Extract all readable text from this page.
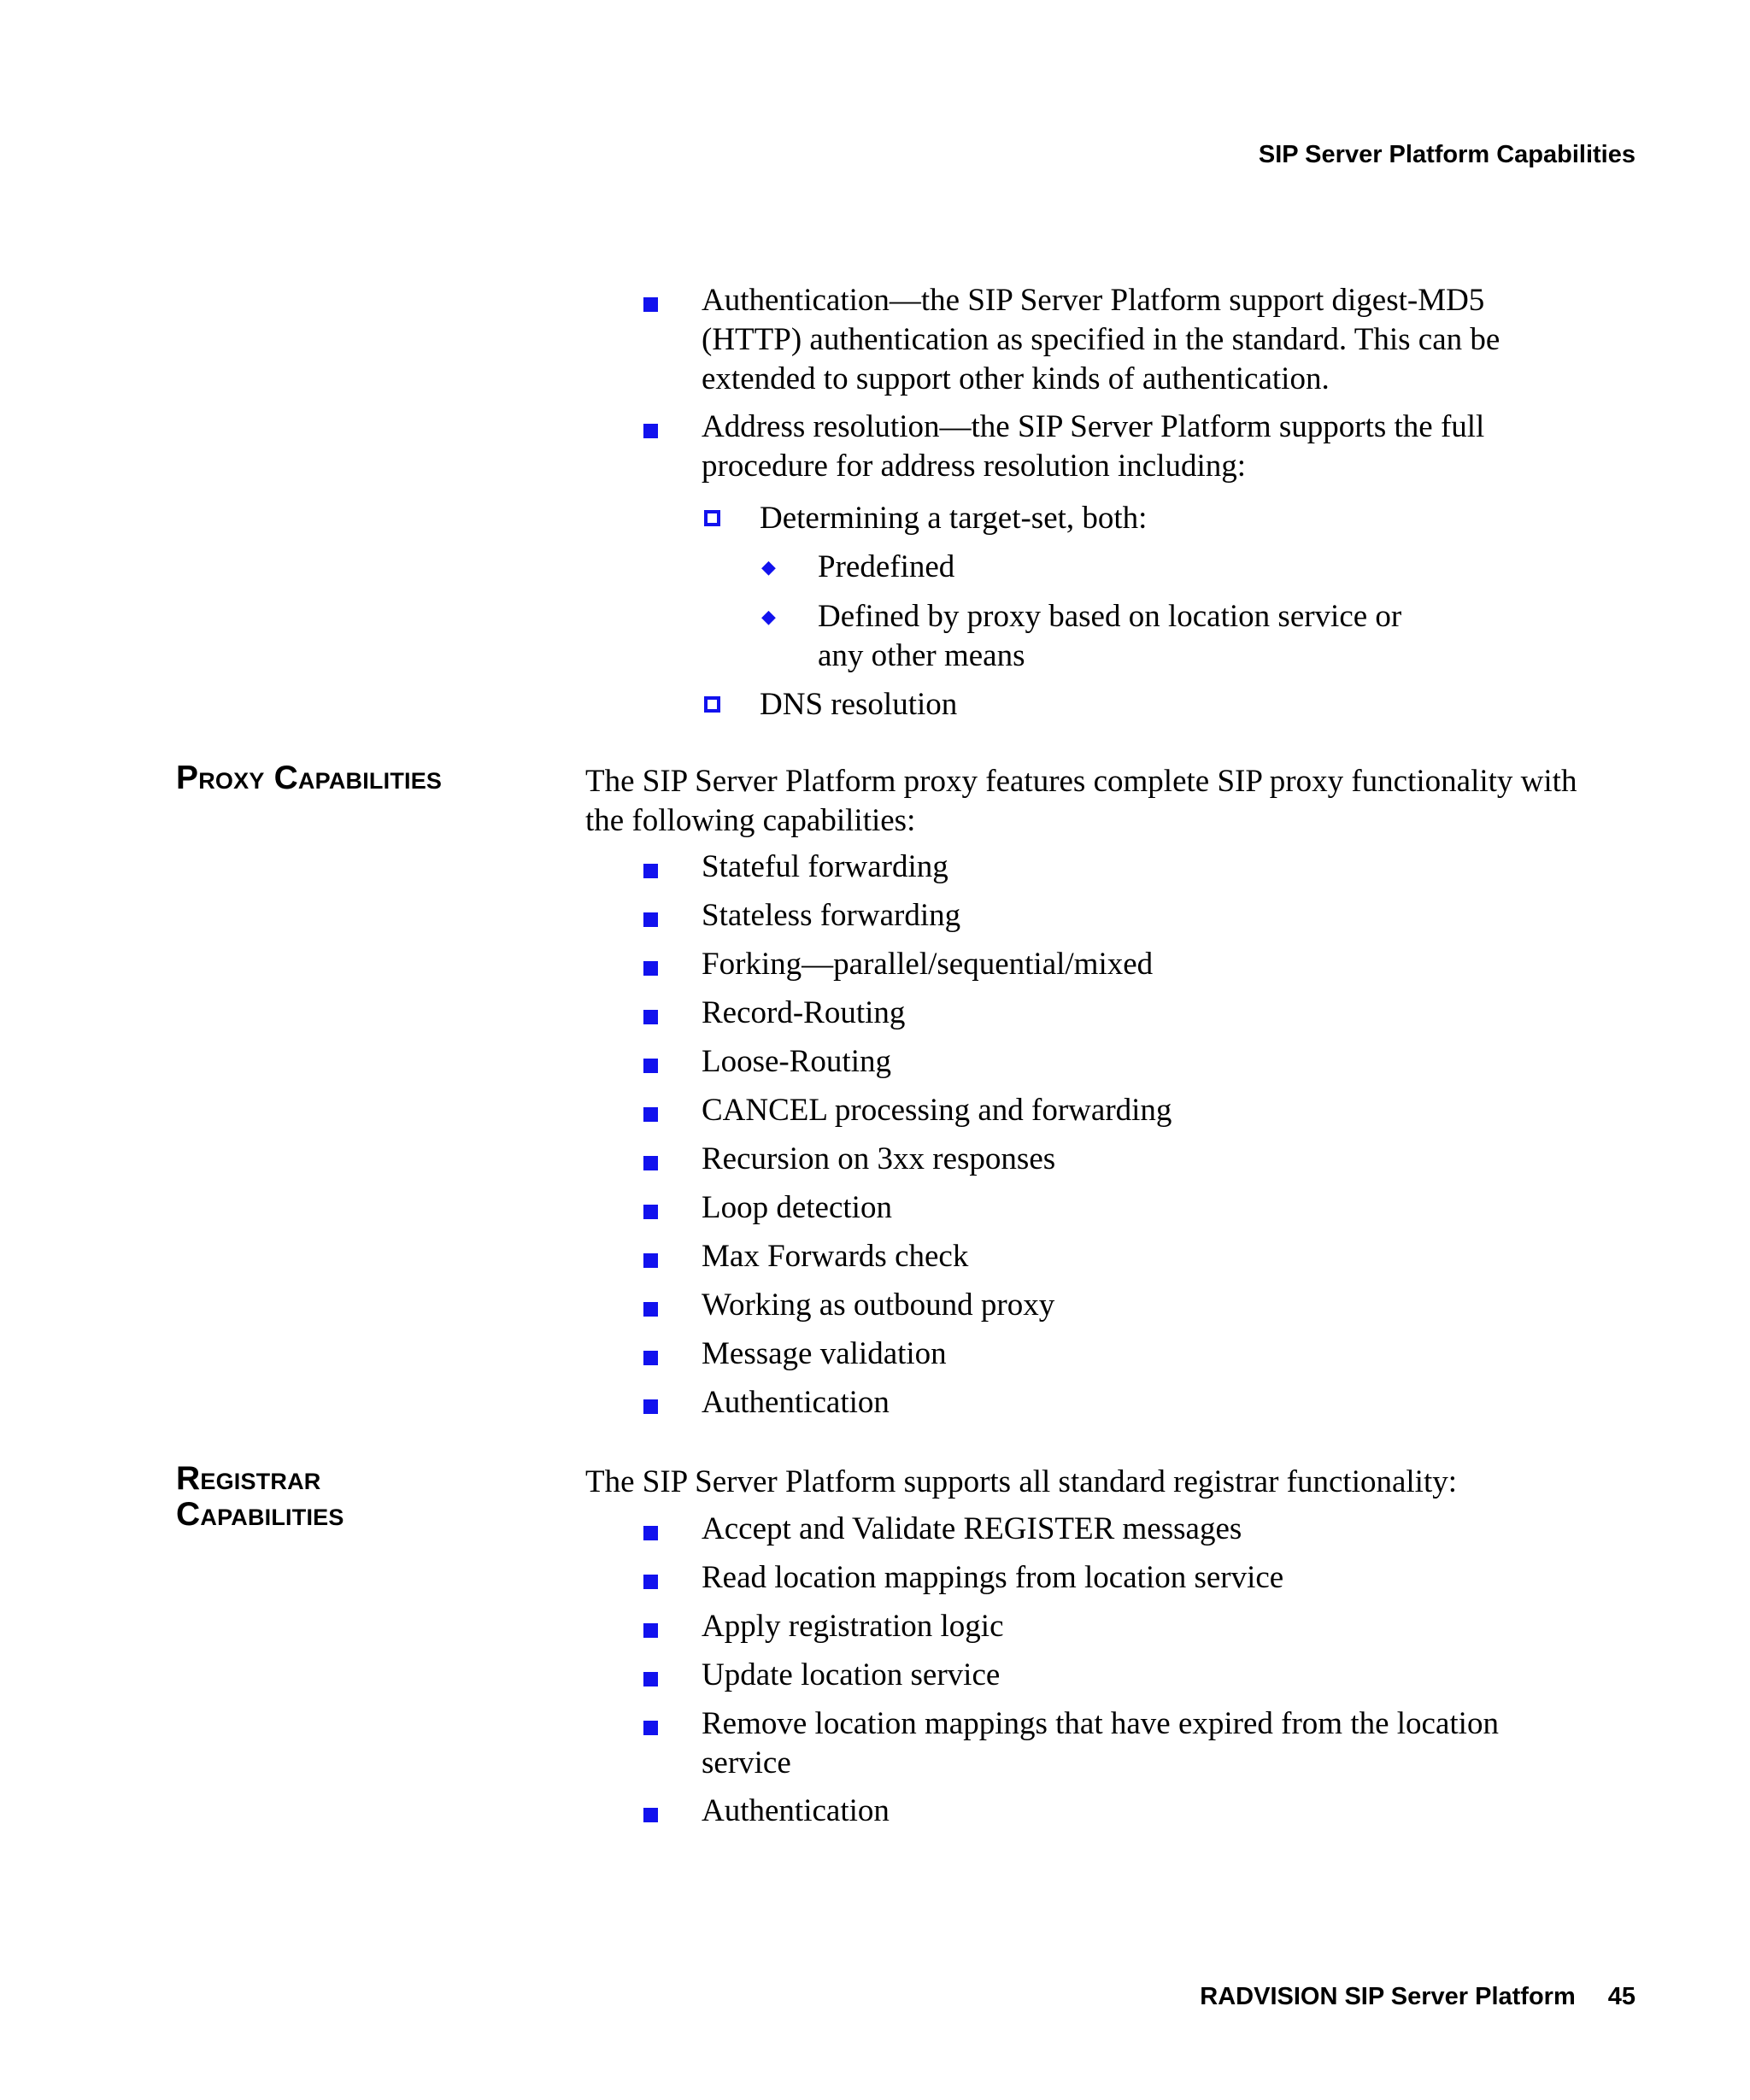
SIP Server Platform Capabilities
Authentication—the SIP Server Platform support digest-MD5
(HTTP) authentication as specified in the standard. This can be
extended to support other kinds of authentication.
Address resolution—the SIP Server Platform supports the full
procedure for address resolution including:
Determining a target-set, both:
◆ Predefined
◆ Defined by proxy based on location service or
any other means
DNS resolution
Proxy Capabilities	The SIP Server Platform proxy features complete SIP proxy functionality with
the following capabilities:
Stateful forwarding
Stateless forwarding
Forking—parallel/sequential/mixed
Record-Routing
Loose-Routing
CANCEL processing and forwarding
Recursion on 3xx responses
Loop detection
Max Forwards check
Working as outbound proxy
Message validation
Authentication
Registrar
Capabilities
The SIP Server Platform supports all standard registrar functionality:
Accept and Validate REGISTER messages
Read location mappings from location service
Apply registration logic
Update location service
Remove location mappings that have expired from the location
service
Authentication
RADVISION SIP Server Platform 45
